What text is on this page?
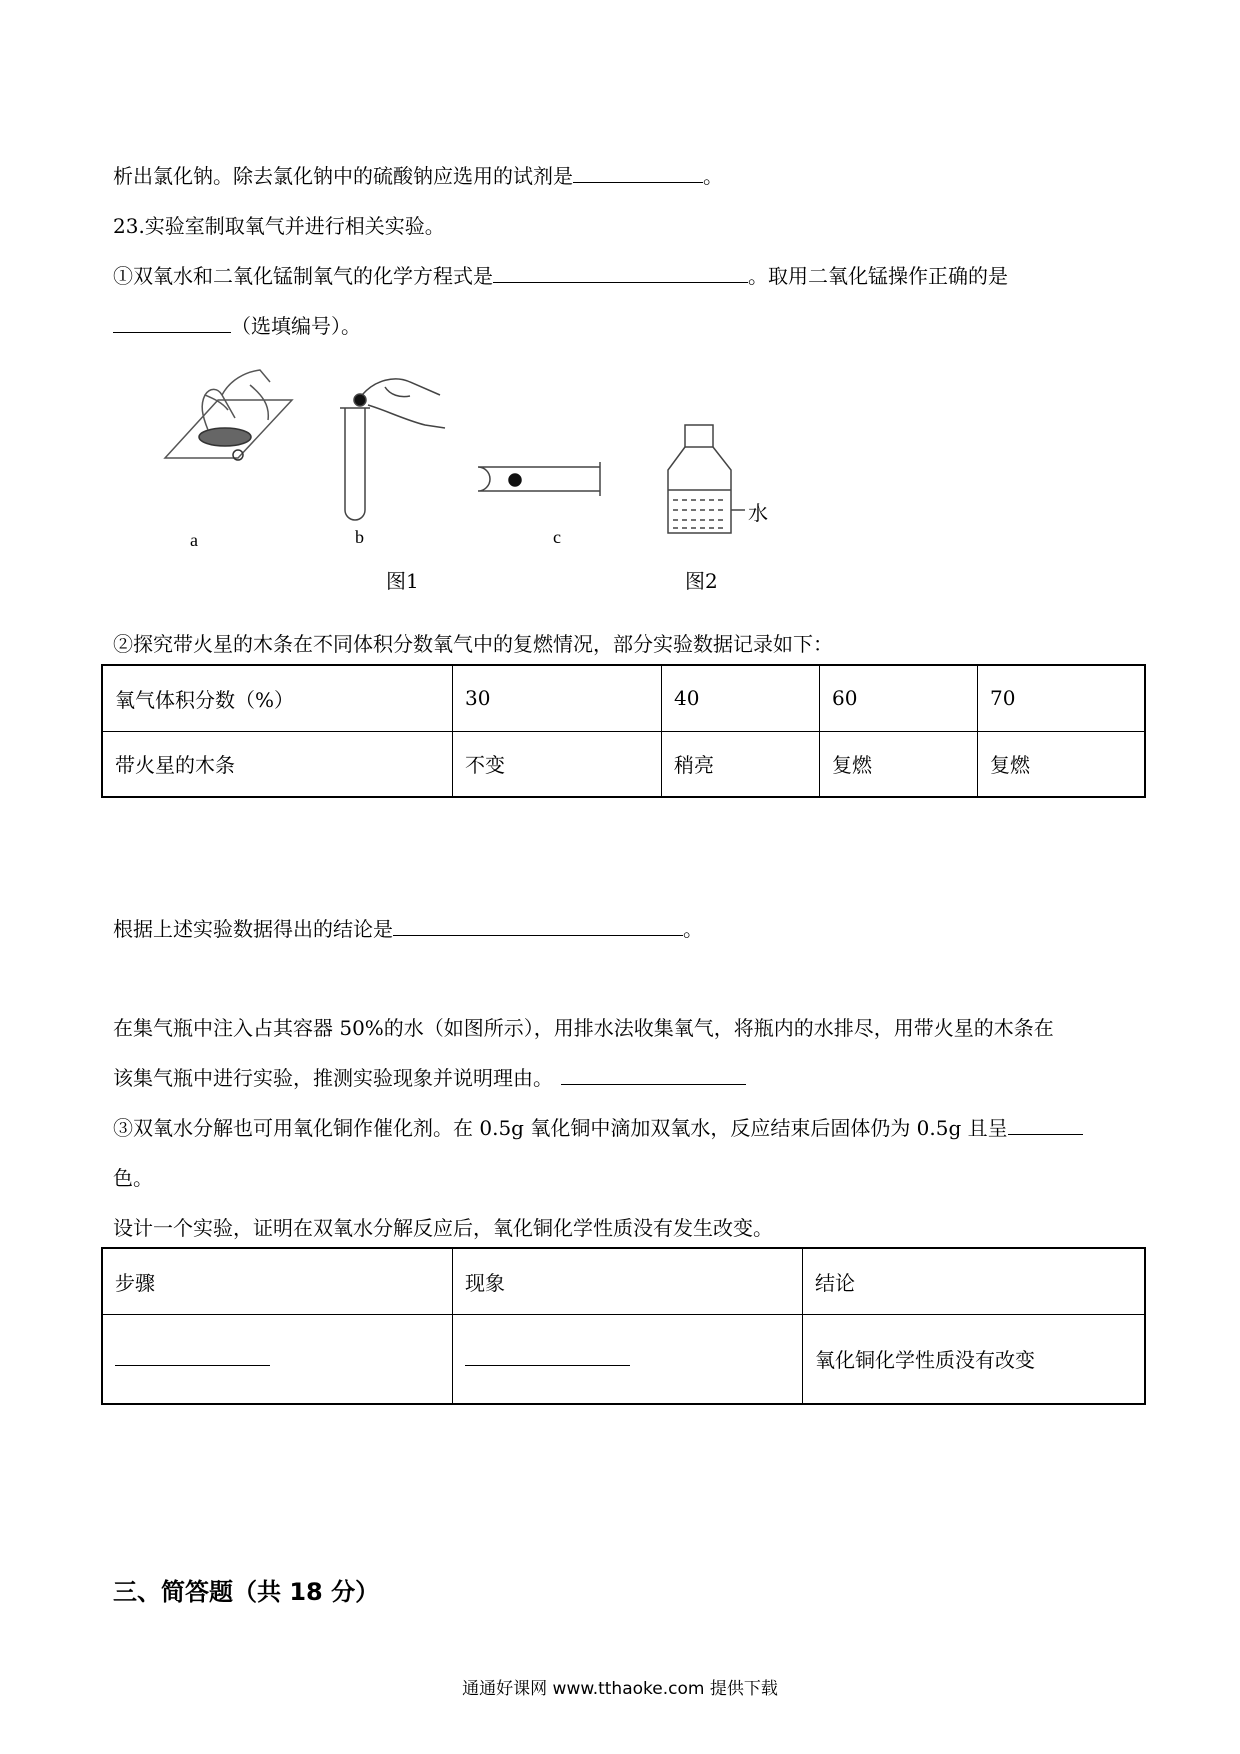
析出氯化钠。除去氯化钠中的硫酸钠应选用的试剂是	。
23.实验室制取氧气并进行相关实验。
①双氧水和二氧化锰制氧气的化学方程式是	。取用二氧化锰操作正确的是
（选填编号）。
a	b	c
水
图1	图2
②探究带火星的木条在不同体积分数氧气中的复燃情况，部分实验数据记录如下：
氧气体积分数（%）	30	40	60	70
带火星的木条	不变	稍亮	复燃	复燃
根据上述实验数据得出的结论是	。
在集气瓶中注入占其容器 50%的水（如图所示），用排水法收集氧气，将瓶内的水排尽，用带火星的木条在
该集气瓶中进行实验，推测实验现象并说明理由。
③双氧水分解也可用氧化铜作催化剂。在 0.5g 氧化铜中滴加双氧水，反应结束后固体仍为 0.5g 且呈
色。
设计一个实验，证明在双氧水分解反应后，氧化铜化学性质没有发生改变。
步骤	现象	结论
		氧化铜化学性质没有改变
三、简答题（共 18 分）
通通好课网 www.tthaoke.com 提供下载
